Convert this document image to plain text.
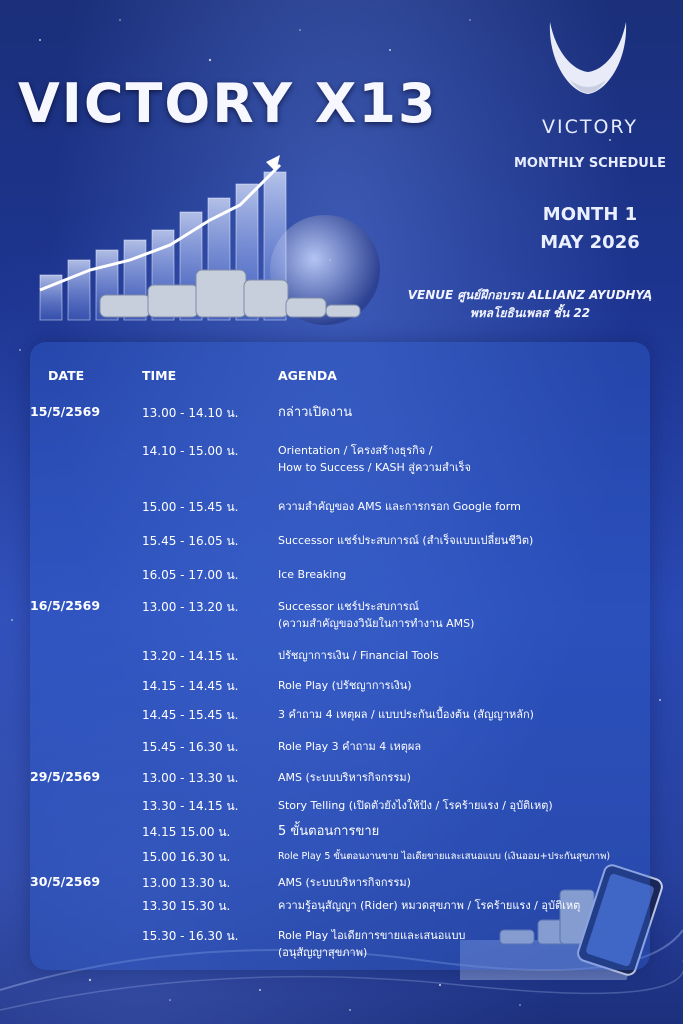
VICTORY X13	VICTORY
MONTHLY SCHEDULE
MONTH 1
MAY 2026
VENUE ศูนย์ฝึกอบรม ALLIANZ AYUDHYA
พหลโยธินเพลส ชั้น 22
DATE	TIME	AGENDA
15/5/2569	13.00 - 14.10 น.	กล่าวเปิดงาน
14.10 - 15.00 น.	Orientation / โครงสร้างธุรกิจ /
How to Success / KASH สู่ความสำเร็จ
15.00 - 15.45 น.	ความสำคัญของ AMS และการกรอก Google form
15.45 - 16.05 น.	Successor แชร์ประสบการณ์ (สำเร็จแบบเปลี่ยนชีวิต)
16.05 - 17.00 น.	Ice Breaking
16/5/2569	13.00 - 13.20 น.	Successor แชร์ประสบการณ์
(ความสำคัญของวินัยในการทำงาน AMS)
13.20 - 14.15 น.	ปรัชญาการเงิน / Financial Tools
14.15 - 14.45 น.	Role Play (ปรัชญาการเงิน)
14.45 - 15.45 น.	3 คำถาม 4 เหตุผล / แบบประกันเบื้องต้น (สัญญาหลัก)
15.45 - 16.30 น.	Role Play 3 คำถาม 4 เหตุผล
29/5/2569	13.00 - 13.30 น.	AMS (ระบบบริหารกิจกรรม)
13.30 - 14.15 น.	Story Telling (เปิดตัวยังไงให้ปัง / โรคร้ายแรง / อุบัติเหตุ)
14.15 15.00 น.	5 ขั้นตอนการขาย
15.00 16.30 น.	Role Play 5 ขั้นตอนงานขาย ไอเดียขายและเสนอแบบ (เงินออม+ประกันสุขภาพ)
30/5/2569	13.00 13.30 น.	AMS (ระบบบริหารกิจกรรม)
13.30 15.30 น.	ความรู้อนุสัญญา (Rider) หมวดสุขภาพ / โรคร้ายแรง / อุบัติเหตุ
15.30 - 16.30 น.	Role Play ไอเดียการขายและเสนอแบบ
(อนุสัญญาสุขภาพ)
